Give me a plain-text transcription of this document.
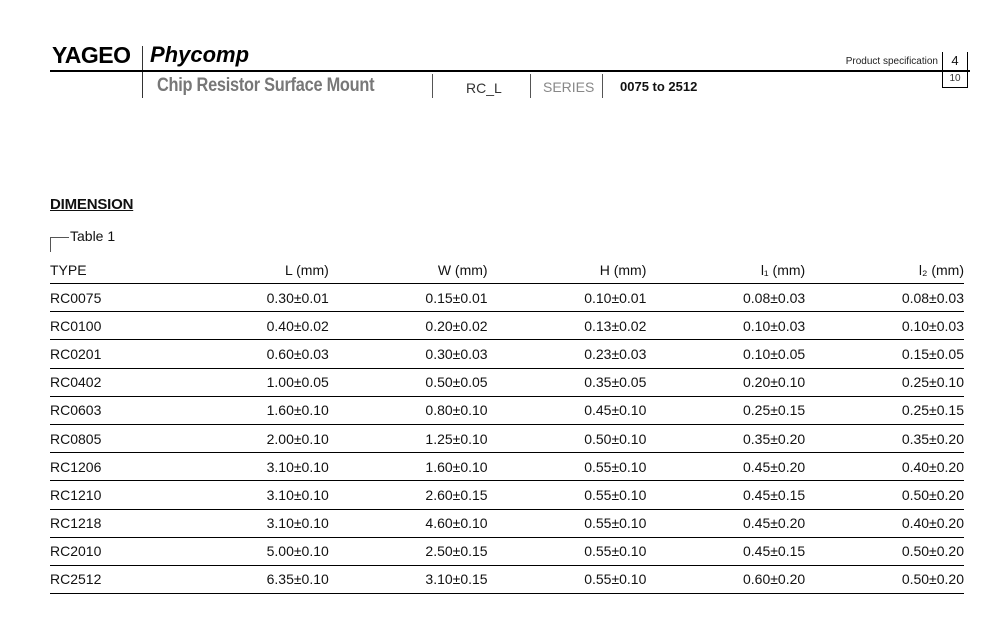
YAGEO Phycomp	Product specification	4
10
Chip Resistor Surface Mount	RC_L	SERIES 0075 to 2512
DIMENSION
Table 1
TYPE	L (mm)	W (mm)	H (mm)	l₁ (mm)	l₂ (mm)
RC0075	0.30±0.01	0.15±0.01	0.10±0.01	0.08±0.03	0.08±0.03
RC0100	0.40±0.02	0.20±0.02	0.13±0.02	0.10±0.03	0.10±0.03
RC0201	0.60±0.03	0.30±0.03	0.23±0.03	0.10±0.05	0.15±0.05
RC0402	1.00±0.05	0.50±0.05	0.35±0.05	0.20±0.10	0.25±0.10
RC0603	1.60±0.10	0.80±0.10	0.45±0.10	0.25±0.15	0.25±0.15
RC0805	2.00±0.10	1.25±0.10	0.50±0.10	0.35±0.20	0.35±0.20
RC1206	3.10±0.10	1.60±0.10	0.55±0.10	0.45±0.20	0.40±0.20
RC1210	3.10±0.10	2.60±0.15	0.55±0.10	0.45±0.15	0.50±0.20
RC1218	3.10±0.10	4.60±0.10	0.55±0.10	0.45±0.20	0.40±0.20
RC2010	5.00±0.10	2.50±0.15	0.55±0.10	0.45±0.15	0.50±0.20
RC2512	6.35±0.10	3.10±0.15	0.55±0.10	0.60±0.20	0.50±0.20
